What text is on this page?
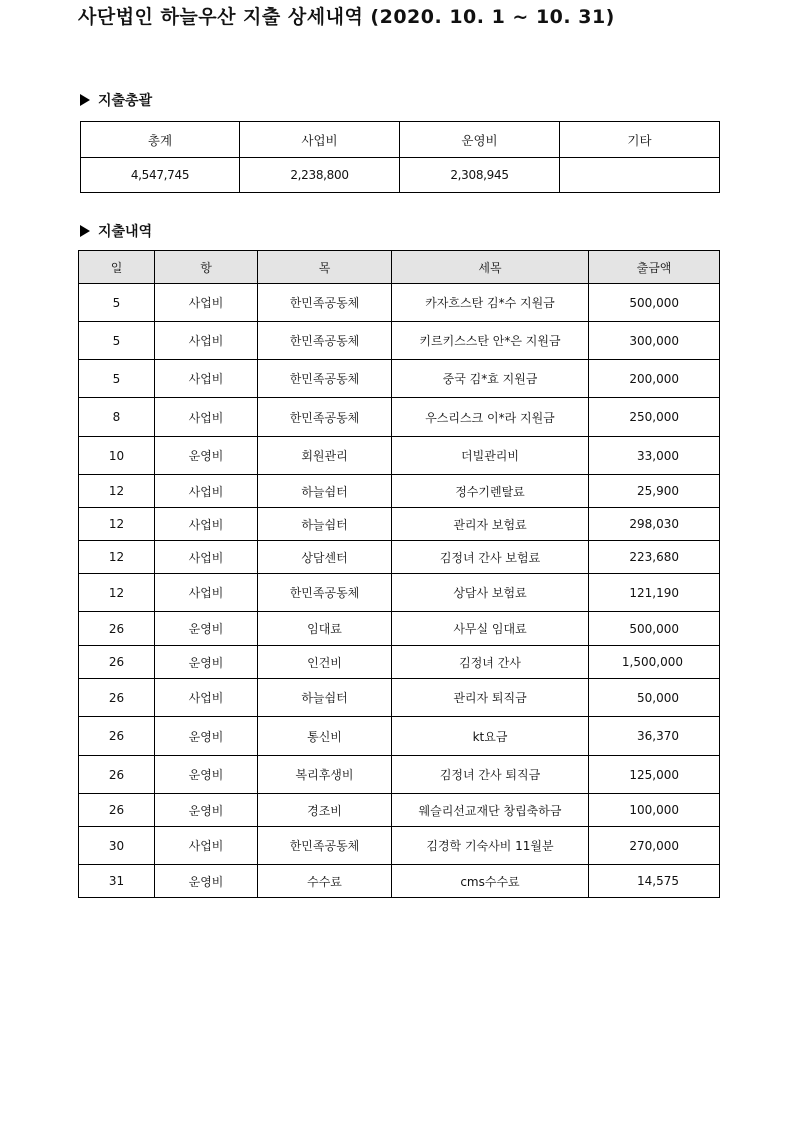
사단법인 하늘우산 지출 상세내역 (2020. 10. 1 ~ 10. 31)
지출총괄
총계	사업비	운영비	기타
4,547,745	2,238,800	2,308,945	
지출내역
일	항	목	세목	출금액
5	사업비	한민족공동체	카자흐스탄 김*수 지원금	500,000
5	사업비	한민족공동체	키르키스스탄 안*은 지원금	300,000
5	사업비	한민족공동체	중국 김*효 지원금	200,000
8	사업비	한민족공동체	우스리스크 이*라 지원금	250,000
10	운영비	회원관리	더빌관리비	33,000
12	사업비	하늘쉼터	정수기렌탈료	25,900
12	사업비	하늘쉼터	관리자 보험료	298,030
12	사업비	상담센터	김정녀 간사 보험료	223,680
12	사업비	한민족공동체	상담사 보험료	121,190
26	운영비	임대료	사무실 임대료	500,000
26	운영비	인건비	김정녀 간사	1,500,000
26	사업비	하늘쉼터	관리자 퇴직금	50,000
26	운영비	통신비	kt요금	36,370
26	운영비	복리후생비	김정녀 간사 퇴직금	125,000
26	운영비	경조비	웨슬리선교재단 창립축하금	100,000
30	사업비	한민족공동체	김경학 기숙사비 11월분	270,000
31	운영비	수수료	cms수수료	14,575
